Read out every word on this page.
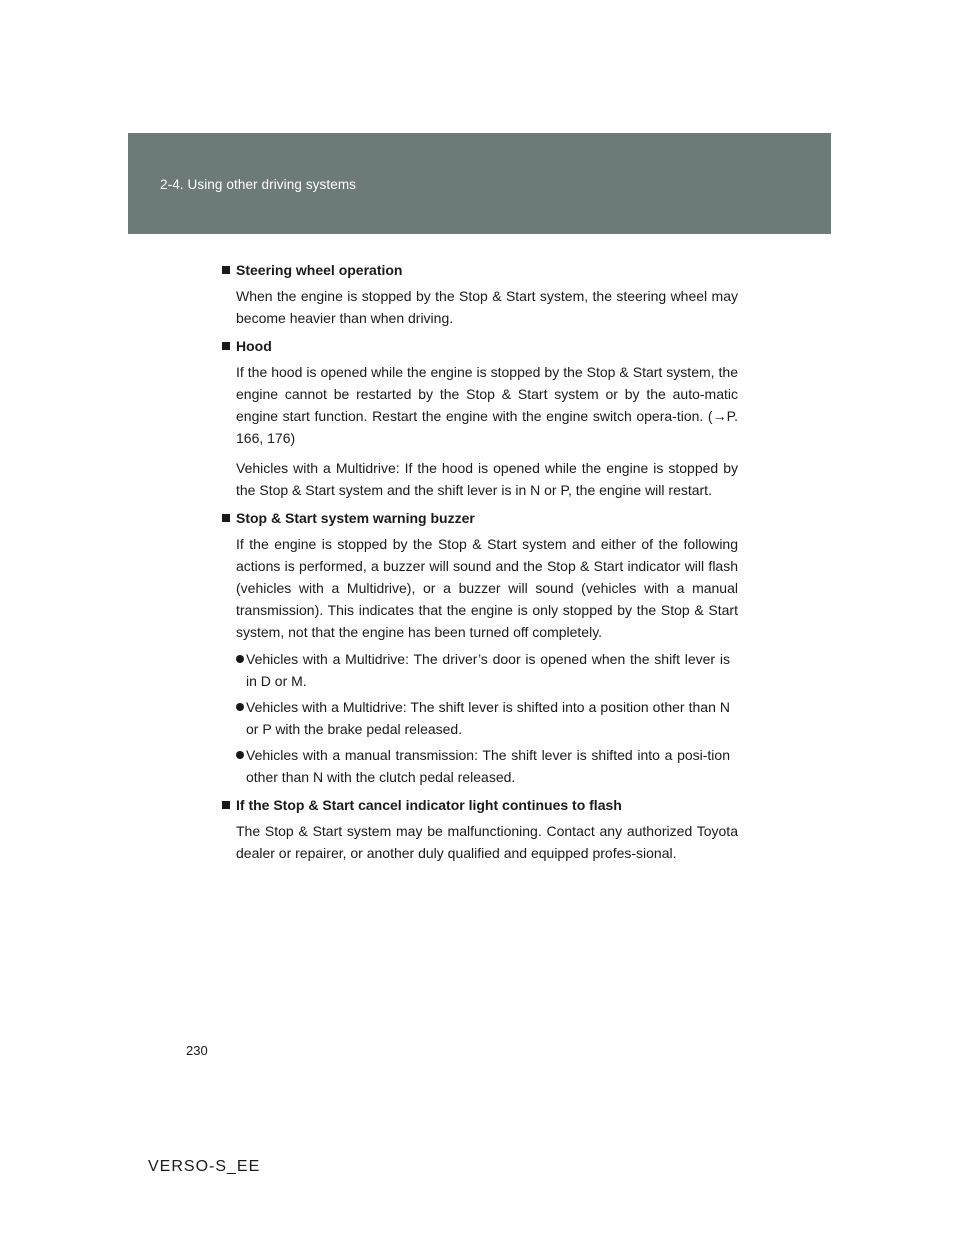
2-4. Using other driving systems
Steering wheel operation

When the engine is stopped by the Stop & Start system, the steering wheel may become heavier than when driving.

Hood

If the hood is opened while the engine is stopped by the Stop & Start system, the engine cannot be restarted by the Stop & Start system or by the auto-matic engine start function. Restart the engine with the engine switch opera-tion. (→P. 166, 176)

Vehicles with a Multidrive: If the hood is opened while the engine is stopped by the Stop & Start system and the shift lever is in N or P, the engine will restart.

Stop & Start system warning buzzer

If the engine is stopped by the Stop & Start system and either of the following actions is performed, a buzzer will sound and the Stop & Start indicator will flash (vehicles with a Multidrive), or a buzzer will sound (vehicles with a manual transmission). This indicates that the engine is only stopped by the Stop & Start system, not that the engine has been turned off completely.

Vehicles with a Multidrive: The driver’s door is opened when the shift lever is in D or M.
Vehicles with a Multidrive: The shift lever is shifted into a position other than N or P with the brake pedal released.
Vehicles with a manual transmission: The shift lever is shifted into a posi-tion other than N with the clutch pedal released.
If the Stop & Start cancel indicator light continues to flash

The Stop & Start system may be malfunctioning. Contact any authorized Toyota dealer or repairer, or another duly qualified and equipped profes-sional.

230
VERSO-S_EE
